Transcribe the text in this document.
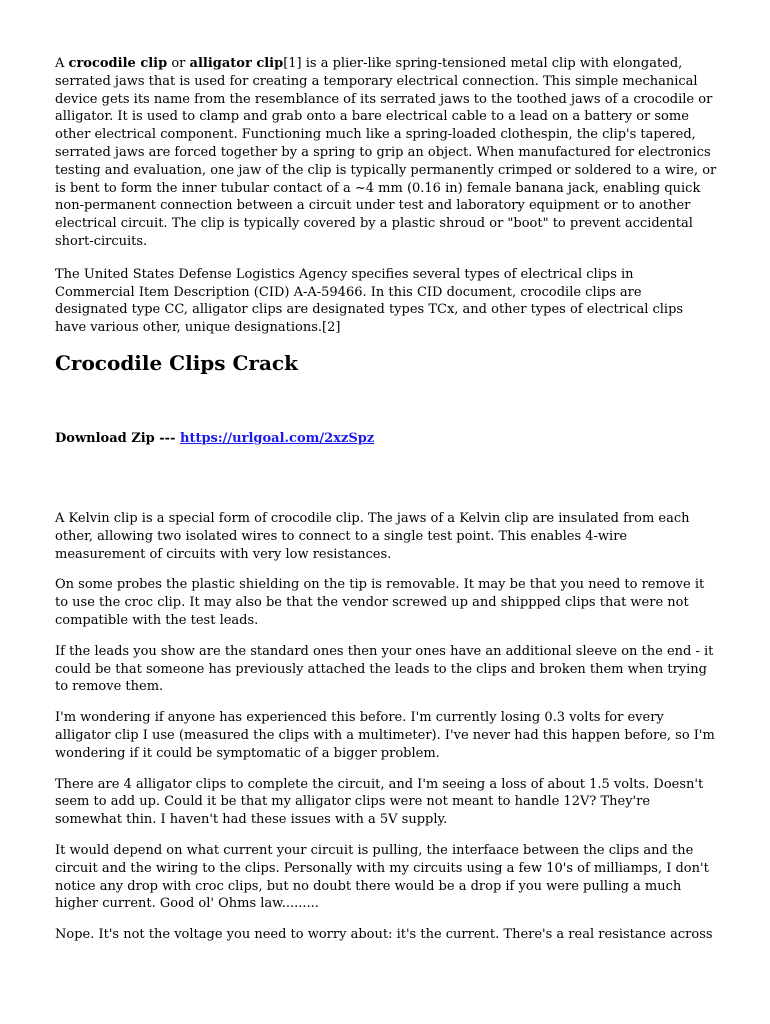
A crocodile clip or alligator clip[1] is a plier-like spring-tensioned metal clip with elongated, serrated jaws that is used for creating a temporary electrical connection. This simple mechanical device gets its name from the resemblance of its serrated jaws to the toothed jaws of a crocodile or alligator. It is used to clamp and grab onto a bare electrical cable to a lead on a battery or some other electrical component. Functioning much like a spring-loaded clothespin, the clip's tapered, serrated jaws are forced together by a spring to grip an object. When manufactured for electronics testing and evaluation, one jaw of the clip is typically permanently crimped or soldered to a wire, or is bent to form the inner tubular contact of a ~4 mm (0.16 in) female banana jack, enabling quick non-permanent connection between a circuit under test and laboratory equipment or to another electrical circuit. The clip is typically covered by a plastic shroud or "boot" to prevent accidental short-circuits.

The United States Defense Logistics Agency specifies several types of electrical clips in Commercial Item Description (CID) A-A-59466. In this CID document, crocodile clips are designated type CC, alligator clips are designated types TCx, and other types of electrical clips have various other, unique designations.[2]

Crocodile Clips Crack
Download Zip --- https://urlgoal.com/2xzSpz

A Kelvin clip is a special form of crocodile clip. The jaws of a Kelvin clip are insulated from each other, allowing two isolated wires to connect to a single test point. This enables 4-wire measurement of circuits with very low resistances.

On some probes the plastic shielding on the tip is removable. It may be that you need to remove it to use the croc clip. It may also be that the vendor screwed up and shippped clips that were not compatible with the test leads.

If the leads you show are the standard ones then your ones have an additional sleeve on the end - it could be that someone has previously attached the leads to the clips and broken them when trying to remove them.

I'm wondering if anyone has experienced this before. I'm currently losing 0.3 volts for every alligator clip I use (measured the clips with a multimeter). I've never had this happen before, so I'm wondering if it could be symptomatic of a bigger problem.

There are 4 alligator clips to complete the circuit, and I'm seeing a loss of about 1.5 volts. Doesn't seem to add up. Could it be that my alligator clips were not meant to handle 12V? They're somewhat thin. I haven't had these issues with a 5V supply.

It would depend on what current your circuit is pulling, the interfaace between the clips and the circuit and the wiring to the clips. Personally with my circuits using a few 10's of milliamps, I don't notice any drop with croc clips, but no doubt there would be a drop if you were pulling a much higher current. Good ol' Ohms law.........

Nope. It's not the voltage you need to worry about: it's the current. There's a real resistance across
